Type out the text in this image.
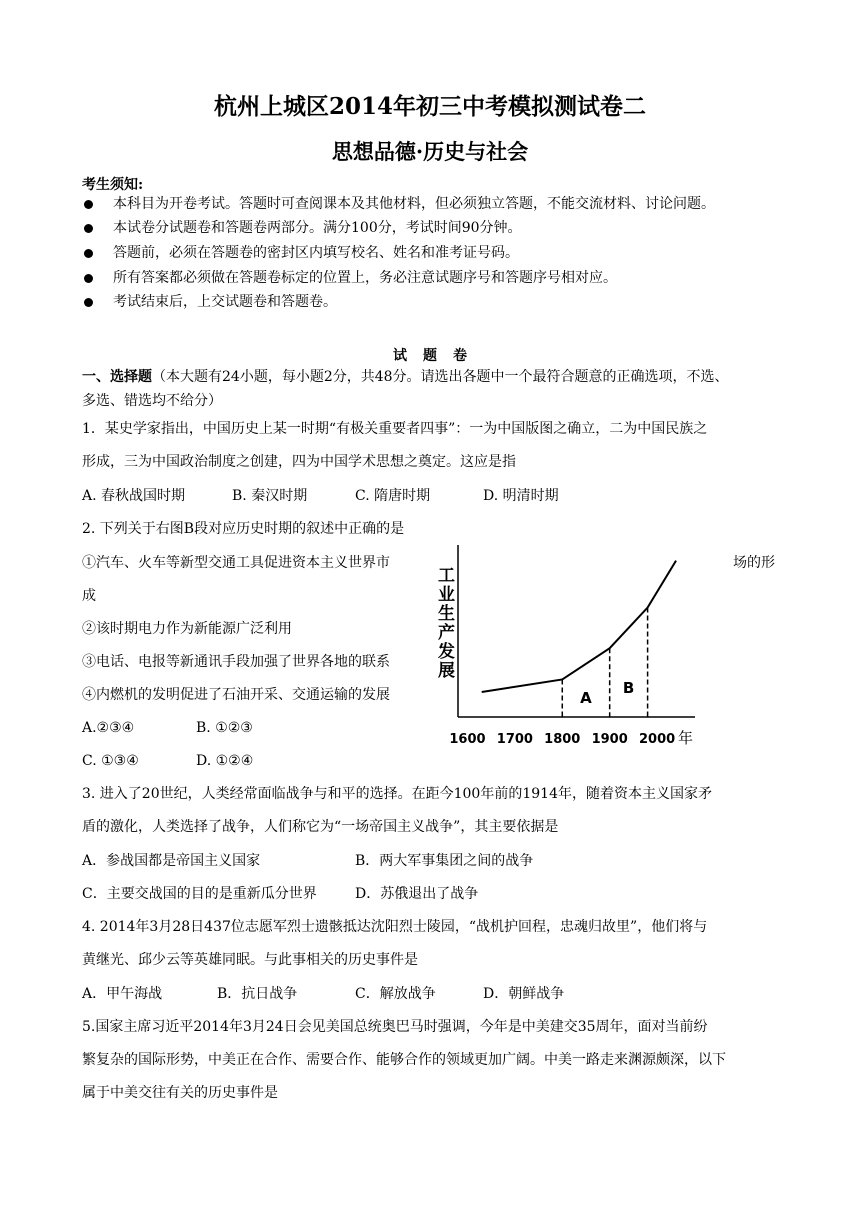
杭州上城区2014年初三中考模拟测试卷二
思想品德·历史与社会
考生须知:
本科目为开卷考试。答题时可查阅课本及其他材料，但必须独立答题，不能交流材料、讨论问题。
本试卷分试题卷和答题卷两部分。满分100分，考试时间90分钟。
答题前，必须在答题卷的密封区内填写校名、姓名和准考证号码。
所有答案都必须做在答题卷标定的位置上，务必注意试题序号和答题序号相对应。
考试结束后，上交试题卷和答题卷。
试题卷
一、选择题（本大题有24小题，每小题2分，共48分。请选出各题中一个最符合题意的正确选项，不选、
多选、错选均不给分）
1．某史学家指出，中国历史上某一时期“有极关重要者四事”：一为中国版图之确立，二为中国民族之
形成，三为中国政治制度之创建，四为中国学术思想之奠定。这应是指
A. 春秋战国时期	B. 秦汉时期	C. 隋唐时期	D. 明清时期
2. 下列关于右图B段对应历史时期的叙述中正确的是
①汽车、火车等新型交通工具促进资本主义世界市	场的形
成
②该时期电力作为新能源广泛利用
③电话、电报等新通讯手段加强了世界各地的联系
④内燃机的发明促进了石油开采、交通运输的发展
A.②③④	B. ①②③
C. ①③④	D. ①②④
工业生产发展
A
B
1600 1700 1800 1900 2000 年
3. 进入了20世纪，人类经常面临战争与和平的选择。在距今100年前的1914年，随着资本主义国家矛
盾的激化，人类选择了战争，人们称它为“一场帝国主义战争”，其主要依据是
A．参战国都是帝国主义国家	B．两大军事集团之间的战争
C．主要交战国的目的是重新瓜分世界	D．苏俄退出了战争
4. 2014年3月28日437位志愿军烈士遗骸抵达沈阳烈士陵园，“战机护回程，忠魂归故里”，他们将与
黄继光、邱少云等英雄同眠。与此事相关的历史事件是
A．甲午海战	B．抗日战争	C．解放战争	D．朝鲜战争
5.国家主席习近平2014年3月24日会见美国总统奥巴马时强调，今年是中美建交35周年，面对当前纷
繁复杂的国际形势，中美正在合作、需要合作、能够合作的领域更加广阔。中美一路走来渊源颇深，以下
属于中美交往有关的历史事件是
